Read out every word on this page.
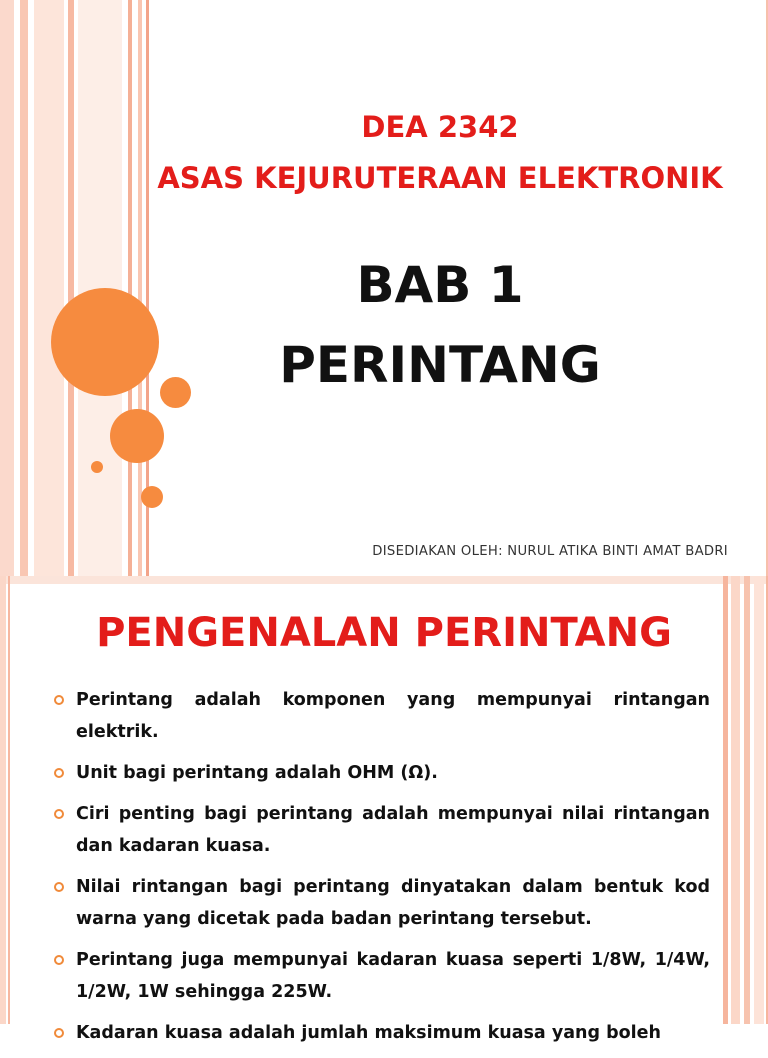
DEA 2342

ASAS KEJURUTERAAN ELEKTRONIK

BAB 1

PERINTANG

DISEDIAKAN OLEH: NURUL ATIKA BINTI AMAT BADRI

PENGENALAN PERINTANG
Perintang adalah komponen yang mempunyai rintangan elektrik.
Unit bagi perintang adalah OHM (Ω).
Ciri penting bagi perintang adalah mempunyai nilai rintangan dan kadaran kuasa.
Nilai rintangan bagi perintang dinyatakan dalam bentuk kod warna yang dicetak pada badan perintang tersebut.
Perintang juga mempunyai kadaran kuasa seperti 1/8W, 1/4W, 1/2W, 1W sehingga 225W.
Kadaran kuasa adalah jumlah maksimum kuasa yang boleh
